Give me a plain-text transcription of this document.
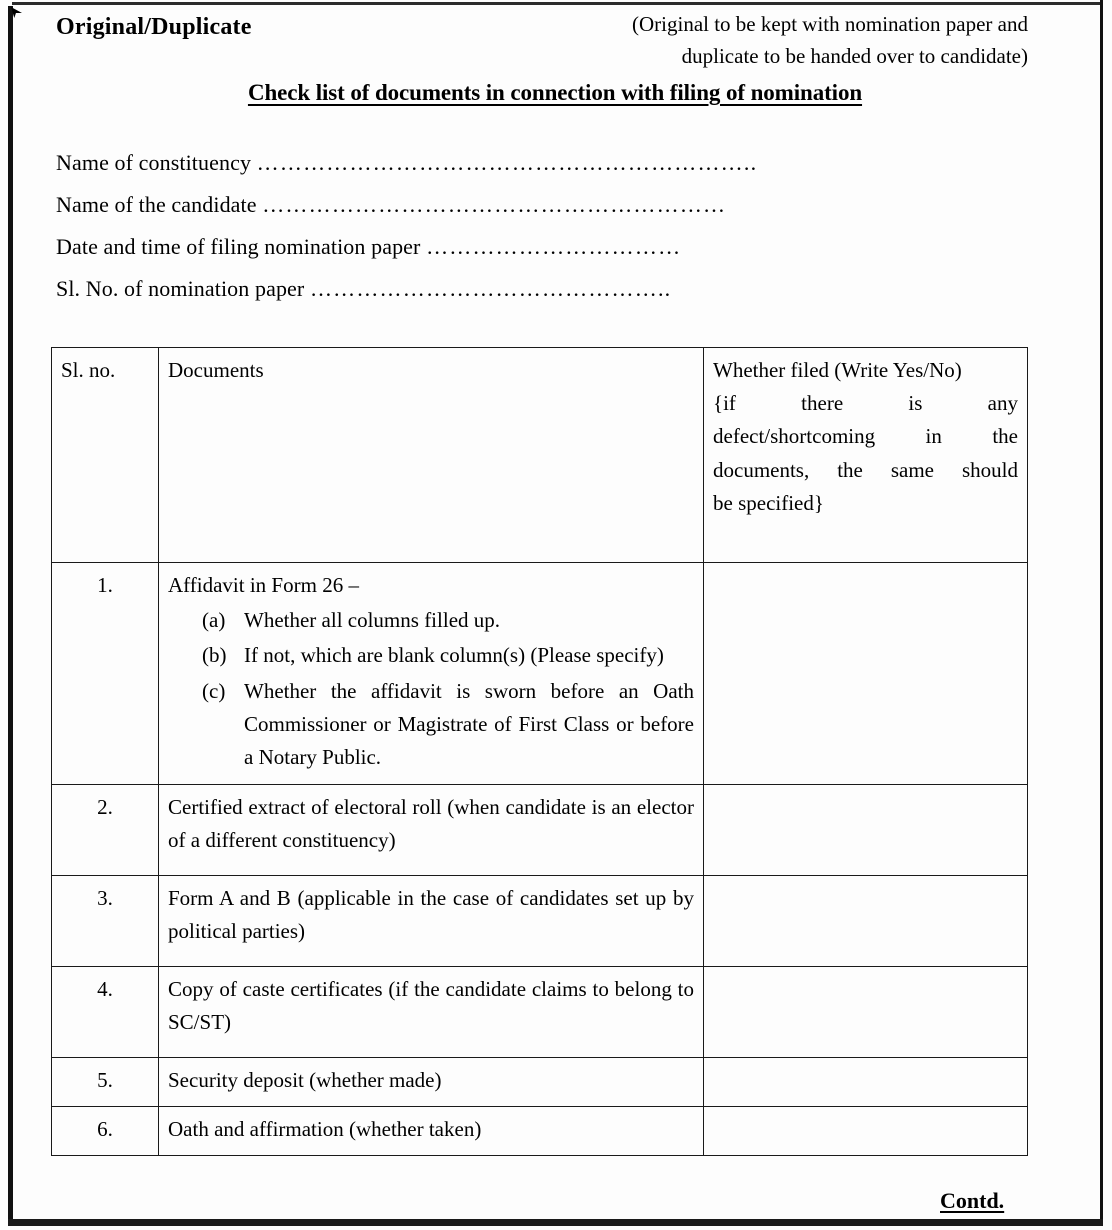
Original/Duplicate	(Original to be kept with nomination paper and
duplicate to be handed over to candidate)
Check list of documents in connection with filing of nomination
Name of constituency ………………………………………………………..
Name of the candidate ……………………………………………………
Date and time of filing nomination paper ……………………………
Sl. No. of nomination paper ………………………………………..
Sl. no.	Documents	Whether filed (Write Yes/No)
{if there is any
defect/shortcoming in the
documents, the same should
be specified}

1.	Affidavit in Form 26 –

(a) Whether all columns filled up.
(b) If not, which are blank column(s) (Please specify)
(c) Whether the affidavit is sworn before an Oath Commissioner or Magistrate of First Class or before a Notary Public.

2.	Certified extract of electoral roll (when candidate is an elector of a different constituency)	
3.	Form A and B (applicable in the case of candidates set up by political parties)	
4.	Copy of caste certificates (if the candidate claims to belong to SC/ST)	
5.	Security deposit (whether made)	
6.	Oath and affirmation (whether taken)	
Contd.
